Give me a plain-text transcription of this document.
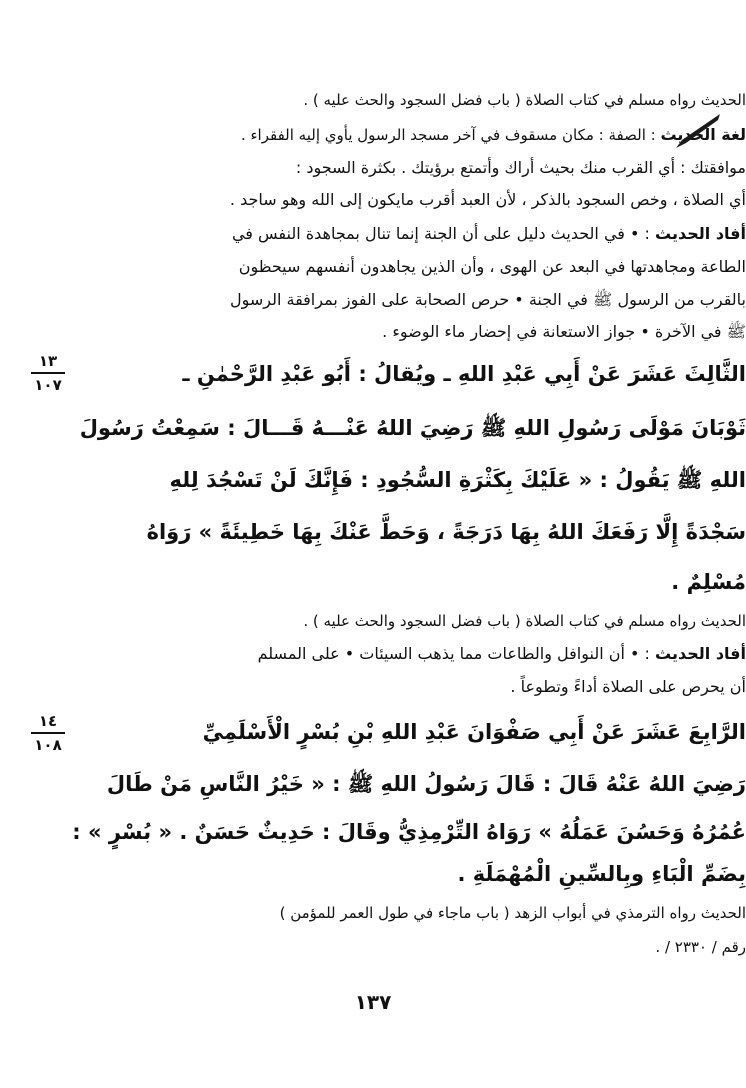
الحديث رواه مسلم في كتاب الصلاة ( باب فضل السجود والحث عليه ) .
لغة الحديث : الصفة : مكان مسقوف في آخر مسجد الرسول يأوي إليه الفقراء .
موافقتك : أي القرب منك بحيث أراك وأتمتع برؤيتك . بكثرة السجود :
أي الصلاة ، وخص السجود بالذكر ، لأن العبد أقرب مايكون إلى الله وهو ساجد .
أفاد الحديث : • في الحديث دليل على أن الجنة إنما تنال بمجاهدة النفس في
الطاعة ومجاهدتها في البعد عن الهوى ، وأن الذين يجاهدون أنفسهم سيحظون
بالقرب من الرسول ﷺ في الجنة • حرص الصحابة على الفوز بمرافقة الرسول
ﷺ في الآخرة • جواز الاستعانة في إحضار ماء الوضوء .
١٣
١٠٧	الثَّالِثَ عَشَرَ عَنْ أَبِي عَبْدِ اللهِ ـ ويُقالُ : أَبُو عَبْدِ الرَّحْمٰنِ ـ
ثَوْبَانَ مَوْلَى رَسُولِ اللهِ ﷺ رَضِيَ اللهُ عَنْـــهُ قَـــالَ : سَمِعْتُ رَسُولَ
اللهِ ﷺ يَقُولُ : « عَلَيْكَ بِكَثْرَةِ السُّجُودِ : فَإِنَّكَ لَنْ تَسْجُدَ لِلهِ
سَجْدَةً إِلَّا رَفَعَكَ اللهُ بِهَا دَرَجَةً ، وَحَطَّ عَنْكَ بِهَا خَطِيئَةً » رَوَاهُ
مُسْلِمٌ .
الحديث رواه مسلم في كتاب الصلاة ( باب فضل السجود والحث عليه ) .
أفاد الحديث : • أن النوافل والطاعات مما يذهب السيئات • على المسلم
أن يحرص على الصلاة أداءً وتطوعاً .
١٤
١٠٨
الرَّابِعَ عَشَرَ عَنْ أَبِي صَفْوَانَ عَبْدِ اللهِ بْنِ بُسْرٍ الْأَسْلَمِيِّ
رَضِيَ اللهُ عَنْهُ قَالَ : قَالَ رَسُولُ اللهِ ﷺ : « خَيْرُ النَّاسِ مَنْ طَالَ
عُمُرُهُ وَحَسُنَ عَمَلُهُ » رَوَاهُ التِّرْمِذِيُّ وقَالَ : حَدِيثٌ حَسَنٌ . « بُسْرٍ » :
بِضَمِّ الْبَاءِ وبِالسِّينِ الْمُهْمَلَةِ .
الحديث رواه الترمذي في أبواب الزهد ( باب ماجاء في طول العمر للمؤمن )
رقم / ٢٣٣٠ / .
١٣٧
